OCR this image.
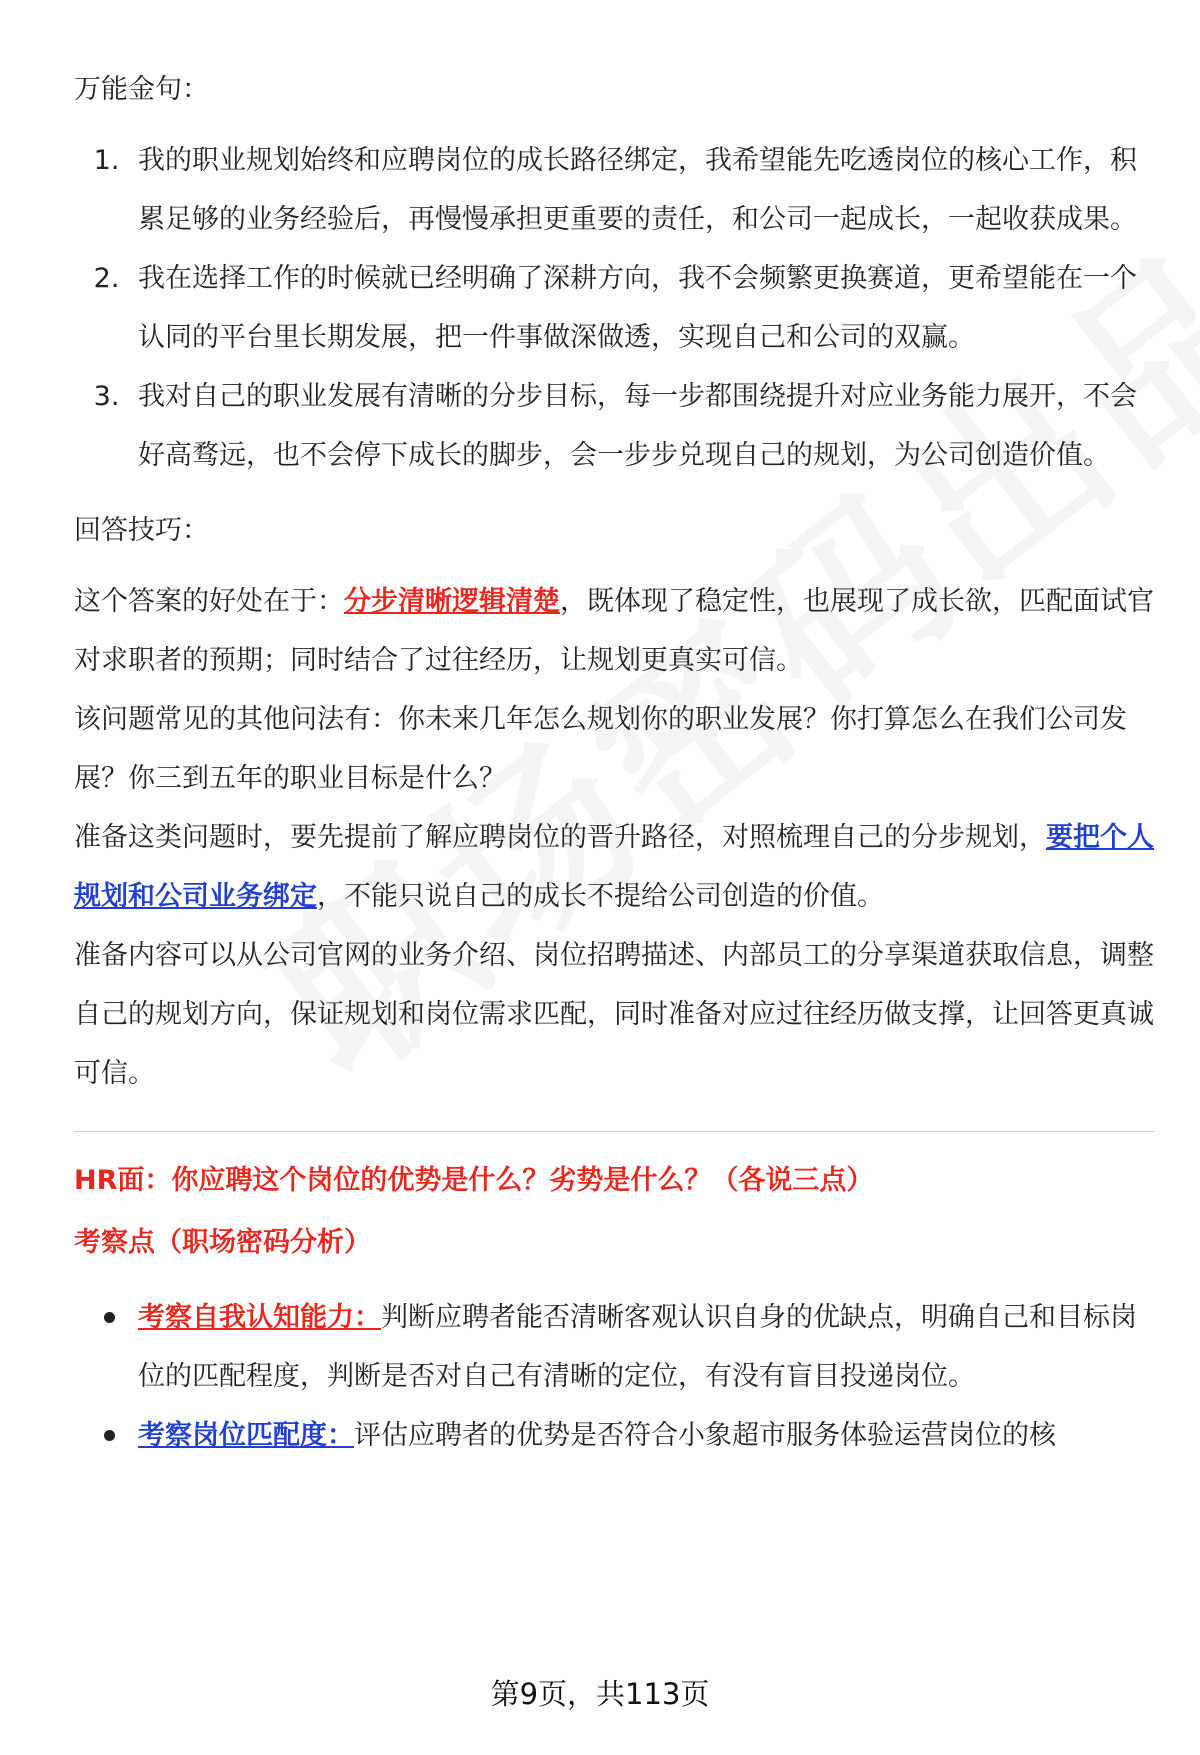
万能金句：

1. 我的职业规划始终和应聘岗位的成长路径绑定，我希望能先吃透岗位的核心工作，积累足够的业务经验后，再慢慢承担更重要的责任，和公司一起成长，一起收获成果。
2. 我在选择工作的时候就已经明确了深耕方向，我不会频繁更换赛道，更希望能在一个认同的平台里长期发展，把一件事做深做透，实现自己和公司的双赢。
3. 我对自己的职业发展有清晰的分步目标，每一步都围绕提升对应业务能力展开，不会好高骛远，也不会停下成长的脚步，会一步步兑现自己的规划，为公司创造价值。

回答技巧：

这个答案的好处在于：分步清晰逻辑清楚，既体现了稳定性，也展现了成长欲，匹配面试官对求职者的预期；同时结合了过往经历，让规划更真实可信。

该问题常见的其他问法有：你未来几年怎么规划你的职业发展？你打算怎么在我们公司发展？你三到五年的职业目标是什么？

准备这类问题时，要先提前了解应聘岗位的晋升路径，对照梳理自己的分步规划，要把个人规划和公司业务绑定，不能只说自己的成长不提给公司创造的价值。

准备内容可以从公司官网的业务介绍、岗位招聘描述、内部员工的分享渠道获取信息，调整自己的规划方向，保证规划和岗位需求匹配，同时准备对应过往经历做支撑，让回答更真诚可信。

HR面：你应聘这个岗位的优势是什么？劣势是什么？（各说三点）

考察点（职场密码分析）

考察自我认知能力：判断应聘者能否清晰客观认识自身的优缺点，明确自己和目标岗位的匹配程度，判断是否对自己有清晰的定位，有没有盲目投递岗位。
考察岗位匹配度：评估应聘者的优势是否符合小象超市服务体验运营岗位的核
第9页，共113页
